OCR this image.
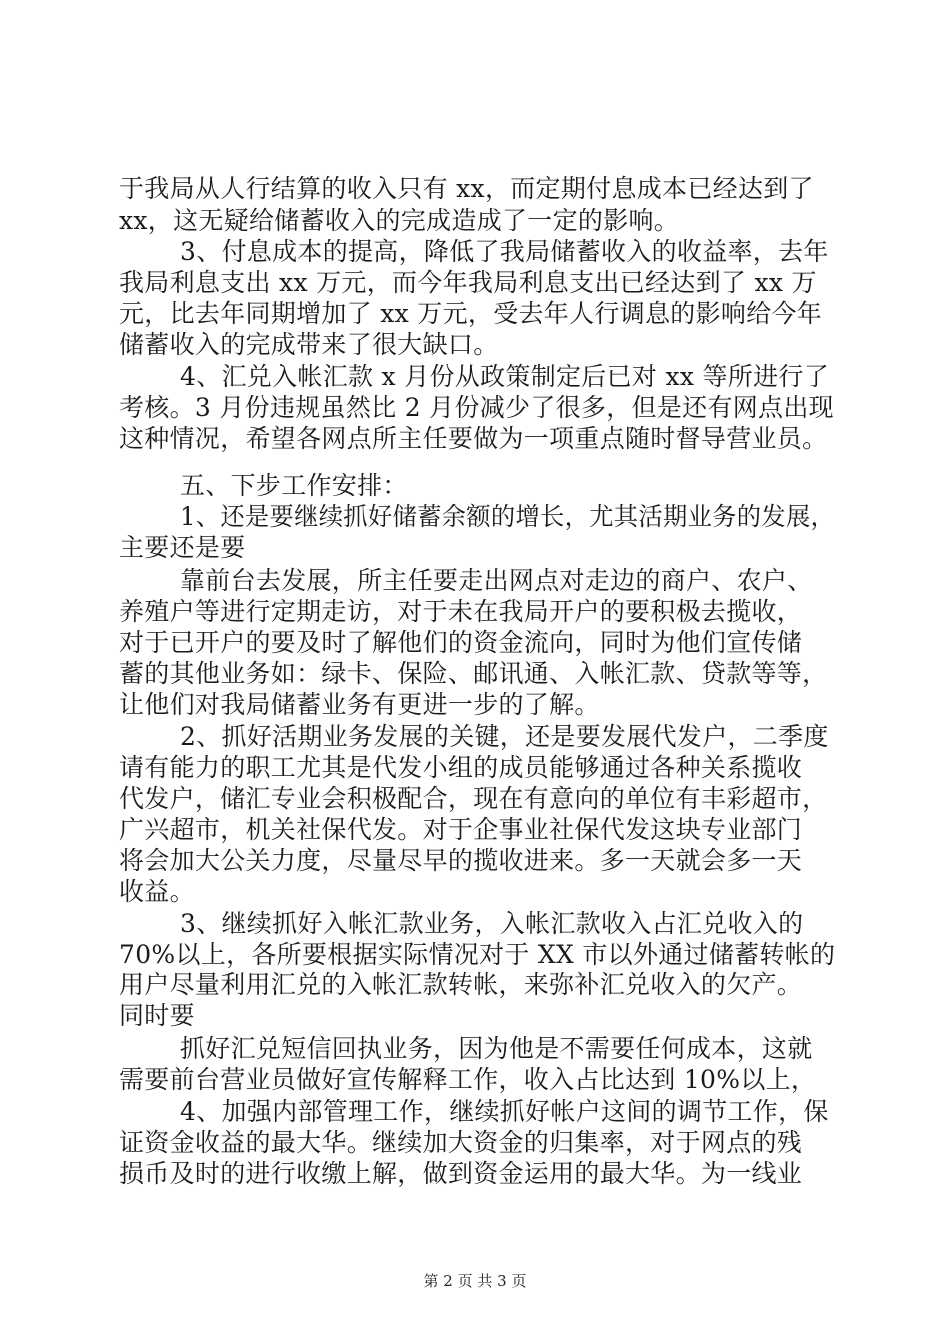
于我局从人行结算的收入只有 xx，而定期付息成本已经达到了
xx，这无疑给储蓄收入的完成造成了一定的影响。
3、付息成本的提高，降低了我局储蓄收入的收益率，去年
我局利息支出 xx 万元，而今年我局利息支出已经达到了 xx 万
元，比去年同期增加了 xx 万元，受去年人行调息的影响给今年
储蓄收入的完成带来了很大缺口。
4、汇兑入帐汇款 x 月份从政策制定后已对 xx 等所进行了
考核。3 月份违规虽然比 2 月份减少了很多，但是还有网点出现
这种情况，希望各网点所主任要做为一项重点随时督导营业员。
五、下步工作安排：
1、还是要继续抓好储蓄余额的增长，尤其活期业务的发展，
主要还是要
靠前台去发展，所主任要走出网点对走边的商户、农户、
养殖户等进行定期走访，对于未在我局开户的要积极去揽收，
对于已开户的要及时了解他们的资金流向，同时为他们宣传储
蓄的其他业务如：绿卡、保险、邮讯通、入帐汇款、贷款等等，
让他们对我局储蓄业务有更进一步的了解。
2、抓好活期业务发展的关键，还是要发展代发户，二季度
请有能力的职工尤其是代发小组的成员能够通过各种关系揽收
代发户，储汇专业会积极配合，现在有意向的单位有丰彩超市，
广兴超市，机关社保代发。对于企事业社保代发这块专业部门
将会加大公关力度，尽量尽早的揽收进来。多一天就会多一天
收益。
3、继续抓好入帐汇款业务，入帐汇款收入占汇兑收入的
70%以上，各所要根据实际情况对于 XX 市以外通过储蓄转帐的
用户尽量利用汇兑的入帐汇款转帐，来弥补汇兑收入的欠产。
同时要
抓好汇兑短信回执业务，因为他是不需要任何成本，这就
需要前台营业员做好宣传解释工作，收入占比达到 10%以上，
4、加强内部管理工作，继续抓好帐户这间的调节工作，保
证资金收益的最大华。继续加大资金的归集率，对于网点的残
损币及时的进行收缴上解，做到资金运用的最大华。为一线业
第 2 页 共 3 页
